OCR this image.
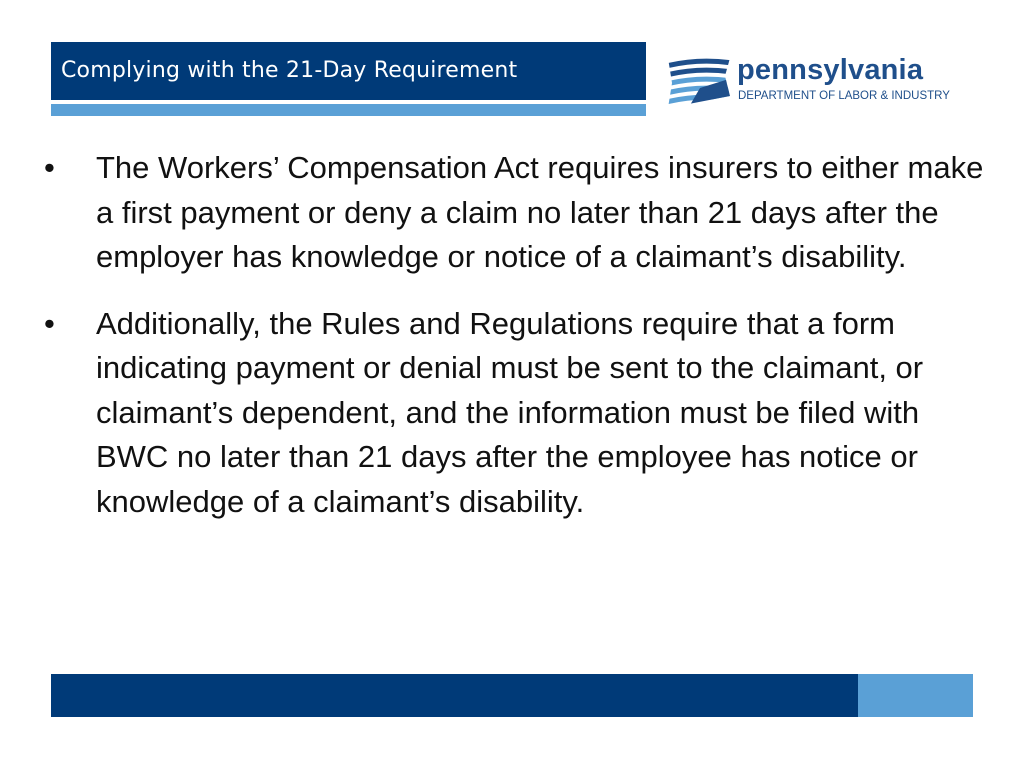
Complying with the 21-Day Requirement	pennsylvania
DEPARTMENT OF LABOR & INDUSTRY
• The Workers’ Compensation Act requires insurers to either make a first payment or deny a claim no later than 21 days after the employer has knowledge or notice of a claimant’s disability.
• Additionally, the Rules and Regulations require that a form indicating payment or denial must be sent to the claimant, or claimant’s dependent, and the information must be filed with BWC no later than 21 days after the employee has notice or knowledge of a claimant’s disability.
